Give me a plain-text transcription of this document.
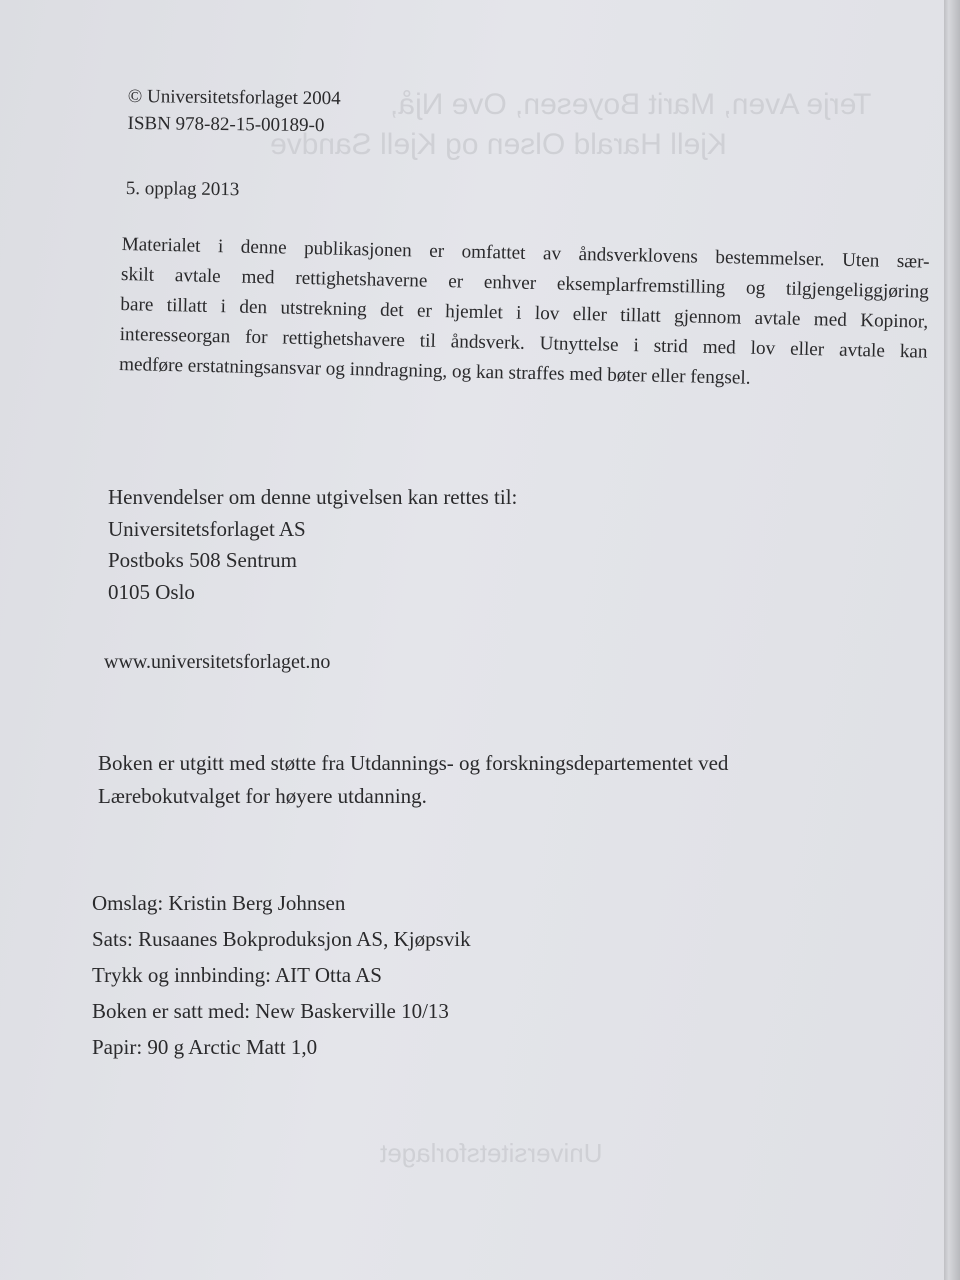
Terje Aven, Marit Boyesen, Ove Njå,
Kjell Harald Olsen og Kjell Sandve
Universitetsforlaget
© Universitetsforlaget 2004
ISBN 978-82-15-00189-0
5. opplag 2013
Materialet i denne publikasjonen er omfattet av åndsverklovens bestemmelser. Uten sær-
skilt avtale med rettighetshaverne er enhver eksemplarfremstilling og tilgjengeliggjøring
bare tillatt i den utstrekning det er hjemlet i lov eller tillatt gjennom avtale med Kopinor,
interesseorgan for rettighetshavere til åndsverk. Utnyttelse i strid med lov eller avtale kan
medføre erstatningsansvar og inndragning, og kan straffes med bøter eller fengsel.
Henvendelser om denne utgivelsen kan rettes til:
Universitetsforlaget AS
Postboks 508 Sentrum
0105 Oslo
www.universitetsforlaget.no
Boken er utgitt med støtte fra Utdannings- og forskningsdepartementet ved
Lærebokutvalget for høyere utdanning.
Omslag: Kristin Berg Johnsen
Sats: Rusaanes Bokproduksjon AS, Kjøpsvik
Trykk og innbinding: AIT Otta AS
Boken er satt med: New Baskerville 10/13
Papir: 90 g Arctic Matt 1,0
